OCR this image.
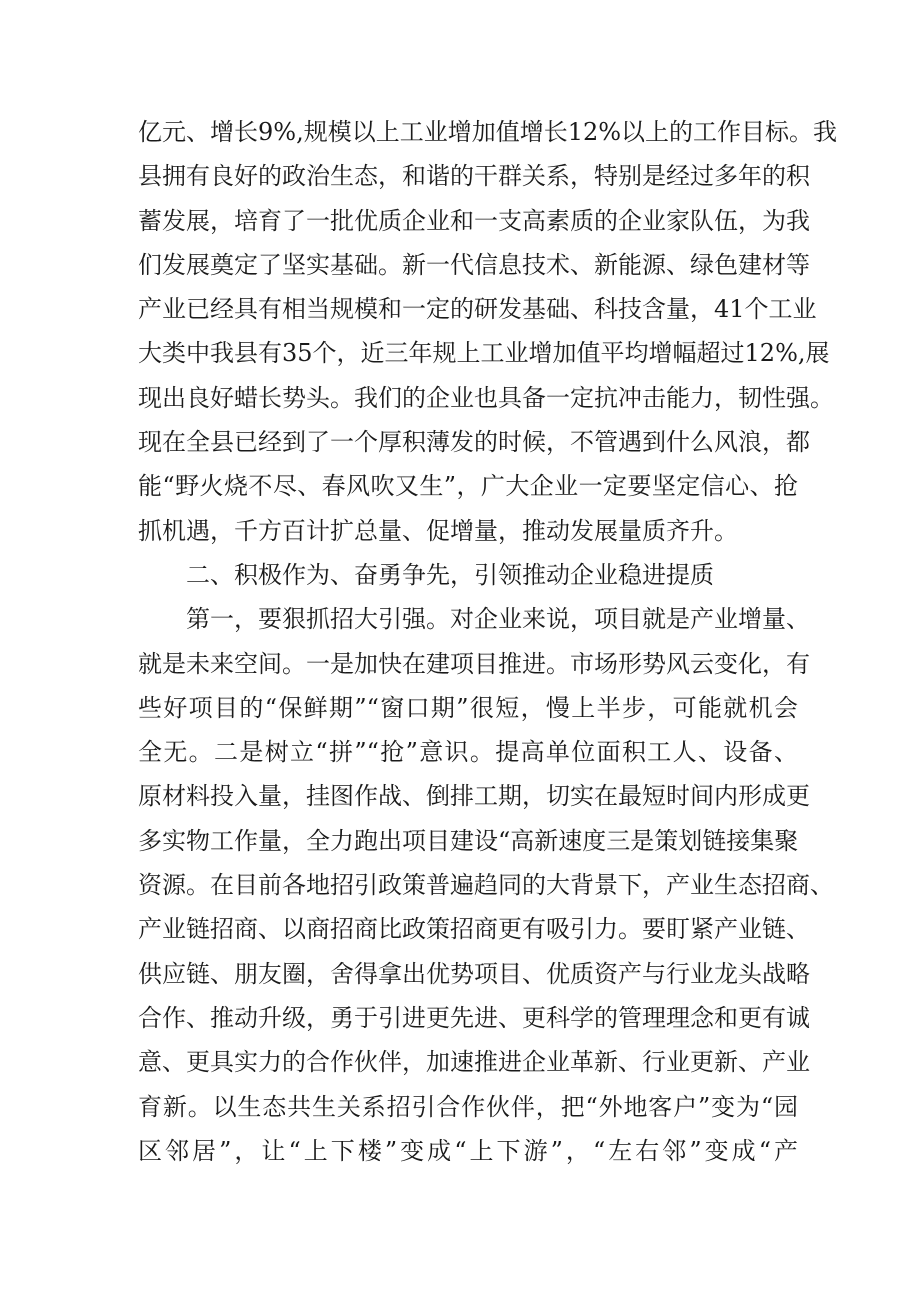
亿元、增长9%,规模以上工业增加值增长12%以上的工作目标。我
县拥有良好的政治生态，和谐的干群关系，特别是经过多年的积
蓄发展，培育了一批优质企业和一支高素质的企业家队伍，为我
们发展奠定了坚实基础。新一代信息技术、新能源、绿色建材等
产业已经具有相当规模和一定的研发基础、科技含量，41个工业
大类中我县有35个，近三年规上工业增加值平均增幅超过12%,展
现出良好蜡长势头。我们的企业也具备一定抗冲击能力，韧性强。
现在全县已经到了一个厚积薄发的时候，不管遇到什么风浪，都
能“野火烧不尽、春风吹又生”，广大企业一定要坚定信心、抢
抓机遇，千方百计扩总量、促增量，推动发展量质齐升。
二、积极作为、奋勇争先，引领推动企业稳进提质
第一，要狠抓招大引强。对企业来说，项目就是产业增量、
就是未来空间。一是加快在建项目推进。市场形势风云变化，有
些好项目的“保鲜期”“窗口期”很短，慢上半步，可能就机会
全无。二是树立“拼”“抢”意识。提高单位面积工人、设备、
原材料投入量，挂图作战、倒排工期，切实在最短时间内形成更
多实物工作量，全力跑出项目建设“高新速度三是策划链接集聚
资源。在目前各地招引政策普遍趋同的大背景下，产业生态招商、
产业链招商、以商招商比政策招商更有吸引力。要盯紧产业链、
供应链、朋友圈，舍得拿出优势项目、优质资产与行业龙头战略
合作、推动升级，勇于引进更先进、更科学的管理理念和更有诚
意、更具实力的合作伙伴，加速推进企业革新、行业更新、产业
育新。以生态共生关系招引合作伙伴，把“外地客户”变为“园
区邻居”，让“上下楼”变成“上下游”，“左右邻”变成“产
